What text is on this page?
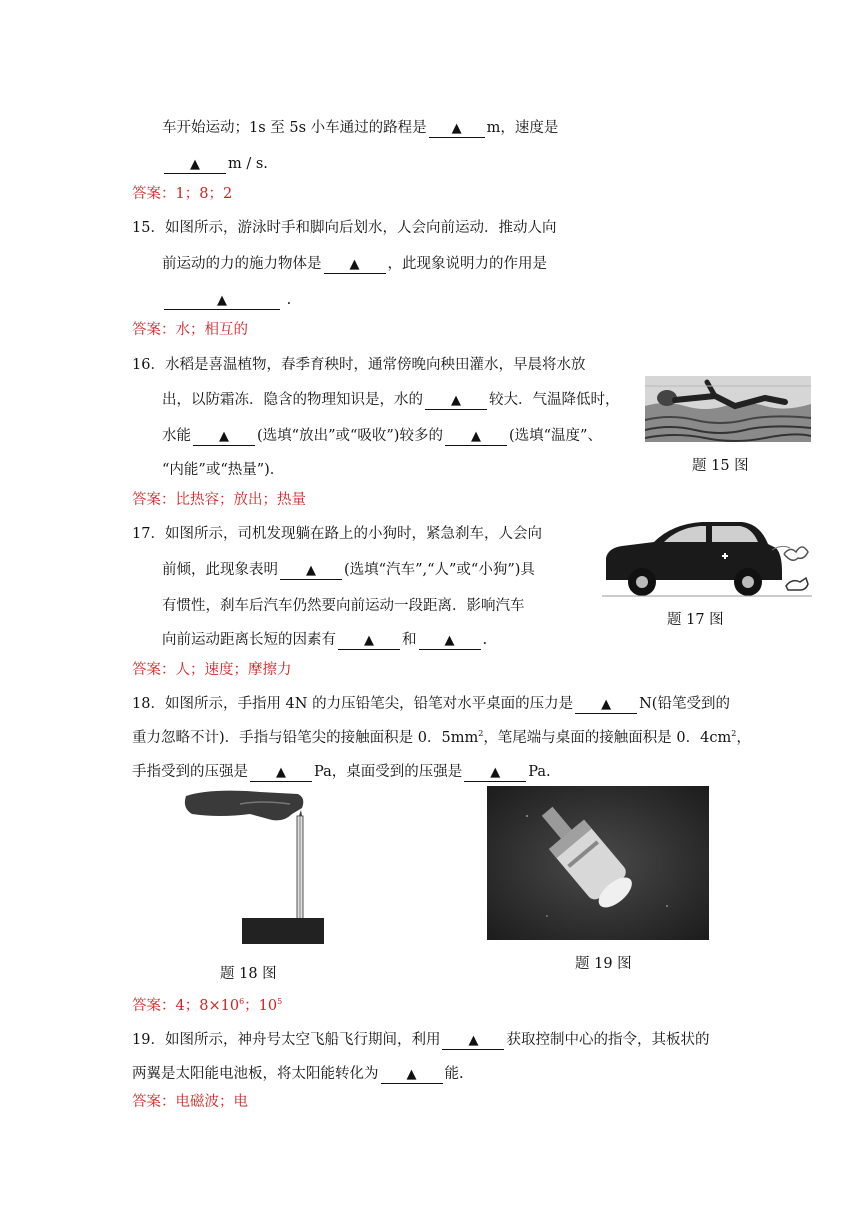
车开始运动；1s 至 5s 小车通过的路程是 ▲ m，速度是
▲ m / s.
答案：1；8；2
15．如图所示，游泳时手和脚向后划水，人会向前运动．推动人向
前运动的力的施力物体是 ▲ ，此现象说明力的作用是
▲	.
答案：水；相互的
题 15 图
16．水稻是喜温植物，春季育秧时，通常傍晚向秧田灌水，早晨将水放
出，以防霜冻．隐含的物理知识是，水的 ▲ 较大．气温降低时，
水能 ▲ (选填“放出”或“吸收”)较多的 ▲ (选填“温度”、
“内能”或“热量”)．
答案：比热容；放出；热量
17．如图所示，司机发现躺在路上的小狗时，紧急刹车，人会向
前倾，此现象表明 ▲ (选填“汽车”,“人”或“小狗”)具
有惯性，刹车后汽车仍然要向前运动一段距离．影响汽车
向前运动距离长短的因素有 ▲ 和 ▲ .
答案：人；速度；摩擦力
题 17 图
18．如图所示，手指用 4N 的力压铅笔尖，铅笔对水平桌面的压力是 ▲ N(铅笔受到的
重力忽略不计)．手指与铅笔尖的接触面积是 0．$5mm^2$，笔尾端与桌面的接触面积是 0．$4cm^2$，
手指受到的压强是 ▲ Pa，桌面受到的压强是 ▲ Pa.
题 18 图
题 19 图
答案：4；$8\times 10^6$；$10^5$
19．如图所示，神舟号太空飞船飞行期间，利用 ▲ 获取控制中心的指令，其板状的
两翼是太阳能电池板，将太阳能转化为 ▲ 能.
答案：电磁波；电
